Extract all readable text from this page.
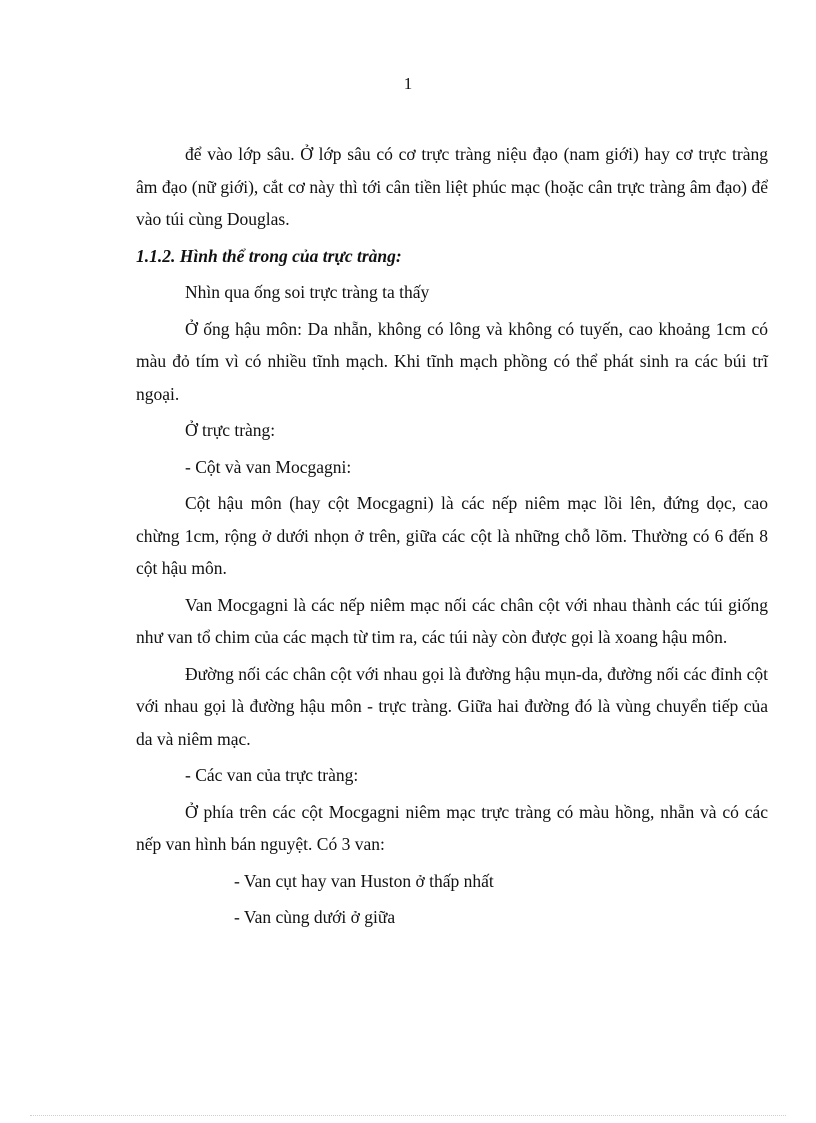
1

để vào lớp sâu. Ở lớp sâu có cơ trực tràng niệu đạo (nam giới) hay cơ trực tràng âm đạo (nữ giới), cắt cơ này thì tới cân tiền liệt phúc mạc (hoặc cân trực tràng âm đạo) để vào túi cùng Douglas.

1.1.2. Hình thể trong của trực tràng:

Nhìn qua ống soi trực tràng ta thấy

Ở ống hậu môn: Da nhẵn, không có lông và không có tuyến, cao khoảng 1cm có màu đỏ tím vì có nhiều tĩnh mạch. Khi tĩnh mạch phồng có thể phát sinh ra các búi trĩ ngoại.

Ở trực tràng:

- Cột và van Mocgagni:

Cột hậu môn (hay cột Mocgagni) là các nếp niêm mạc lồi lên, đứng dọc, cao chừng 1cm, rộng ở dưới nhọn ở trên, giữa các cột là những chỗ lõm. Thường có 6 đến 8 cột hậu môn.

Van Mocgagni là các nếp niêm mạc nối các chân cột với nhau thành các túi giống như van tổ chim của các mạch từ tim ra, các túi này còn được gọi là xoang hậu môn.

Đường nối các chân cột với nhau gọi là đường hậu mụn-da, đường nối các đỉnh cột với nhau gọi là đường hậu môn - trực tràng. Giữa hai đường đó là vùng chuyển tiếp của da và niêm mạc.

- Các van của trực tràng:

Ở phía trên các cột Mocgagni niêm mạc trực tràng có màu hồng, nhẵn và có các nếp van hình bán nguyệt. Có 3 van:

- Van cụt hay van Huston ở thấp nhất

- Van cùng dưới ở giữa
